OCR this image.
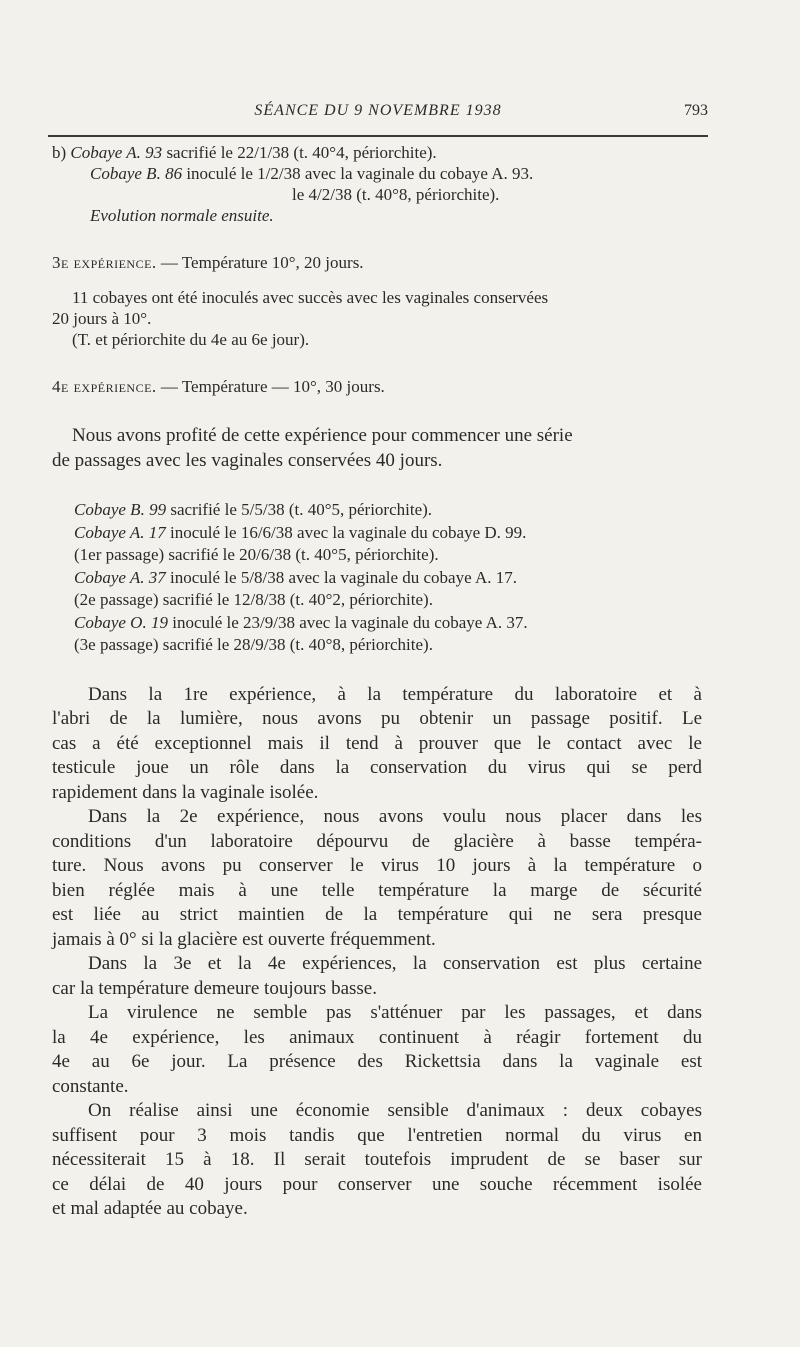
SÉANCE DU 9 NOVEMBRE 1938	793
b) Cobaye A. 93 sacrifié le 22/1/38 (t. 40°4, périorchite).
Cobaye B. 86 inoculé le 1/2/38 avec la vaginale du cobaye A. 93.
le 4/2/38 (t. 40°8, périorchite).
Evolution normale ensuite.
3e expérience. — Température 10°, 20 jours.
11 cobayes ont été inoculés avec succès avec les vaginales conservées
20 jours à 10°.
(T. et périorchite du 4e au 6e jour).
4e expérience. — Température — 10°, 30 jours.
Nous avons profité de cette expérience pour commencer une série
de passages avec les vaginales conservées 40 jours.
Cobaye B. 99 sacrifié le 5/5/38 (t. 40°5, périorchite).
Cobaye A. 17 inoculé le 16/6/38 avec la vaginale du cobaye D. 99.
(1er passage) sacrifié le 20/6/38 (t. 40°5, périorchite).
Cobaye A. 37 inoculé le 5/8/38 avec la vaginale du cobaye A. 17.
(2e passage) sacrifié le 12/8/38 (t. 40°2, périorchite).
Cobaye O. 19 inoculé le 23/9/38 avec la vaginale du cobaye A. 37.
(3e passage) sacrifié le 28/9/38 (t. 40°8, périorchite).
Dans la 1re expérience, à la température du laboratoire et à
l'abri de la lumière, nous avons pu obtenir un passage positif. Le
cas a été exceptionnel mais il tend à prouver que le contact avec le
testicule joue un rôle dans la conservation du virus qui se perd
rapidement dans la vaginale isolée.
Dans la 2e expérience, nous avons voulu nous placer dans les
conditions d'un laboratoire dépourvu de glacière à basse tempéra-
ture. Nous avons pu conserver le virus 10 jours à la température o
bien réglée mais à une telle température la marge de sécurité
est liée au strict maintien de la température qui ne sera presque
jamais à 0° si la glacière est ouverte fréquemment.
Dans la 3e et la 4e expériences, la conservation est plus certaine
car la température demeure toujours basse.
La virulence ne semble pas s'atténuer par les passages, et dans
la 4e expérience, les animaux continuent à réagir fortement du
4e au 6e jour. La présence des Rickettsia dans la vaginale est
constante.
On réalise ainsi une économie sensible d'animaux : deux cobayes
suffisent pour 3 mois tandis que l'entretien normal du virus en
nécessiterait 15 à 18. Il serait toutefois imprudent de se baser sur
ce délai de 40 jours pour conserver une souche récemment isolée
et mal adaptée au cobaye.
